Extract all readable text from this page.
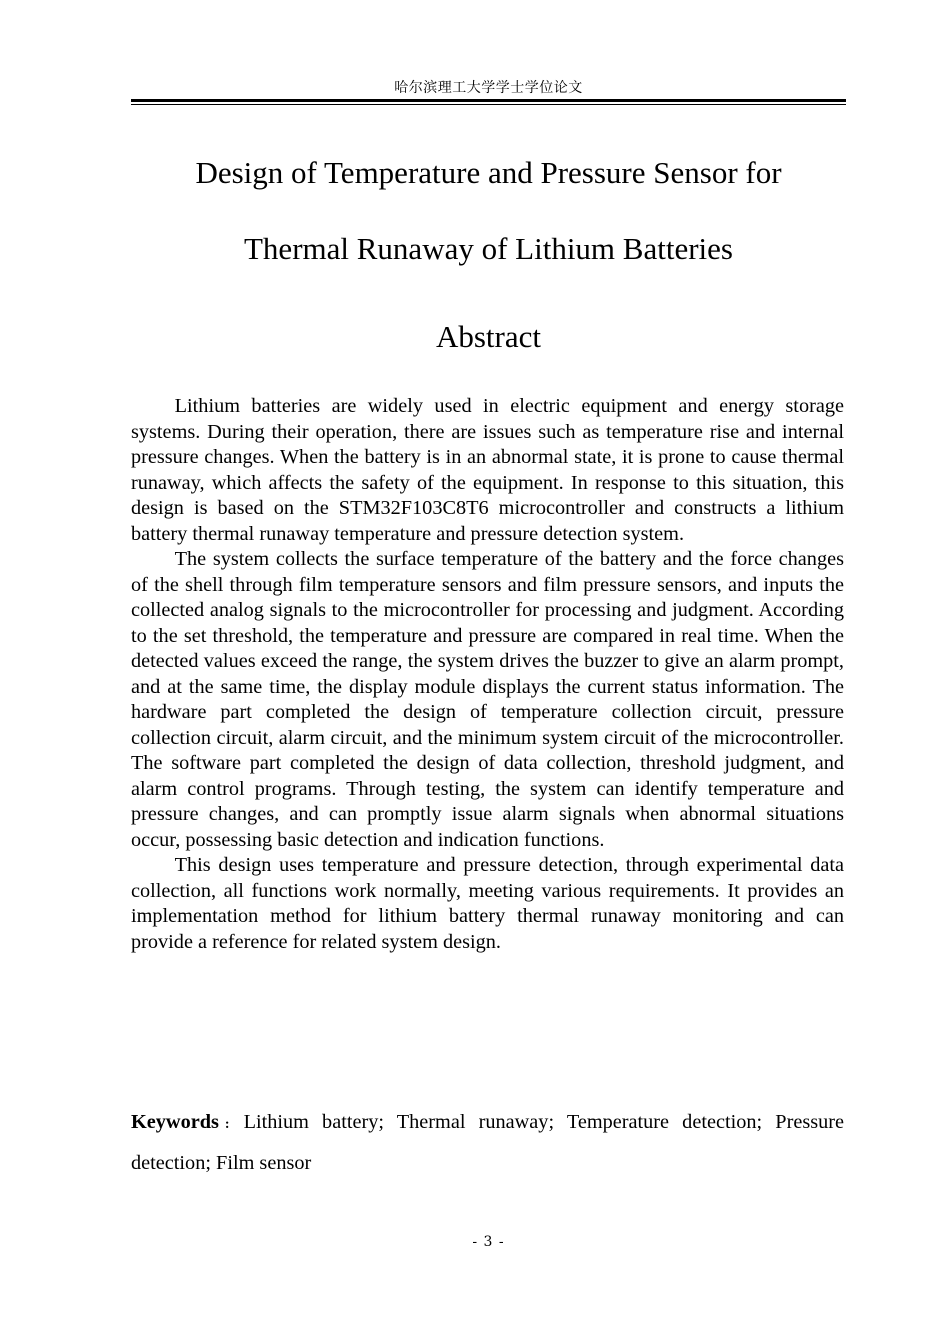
哈尔滨理工大学学士学位论文
Design of Temperature and Pressure Sensor for
Thermal Runaway of Lithium Batteries
Abstract

Lithium batteries are widely used in electric equipment and energy storage systems. During their operation, there are issues such as temperature rise and internal pressure changes. When the battery is in an abnormal state, it is prone to cause thermal runaway, which affects the safety of the equipment. In response to this situation, this design is based on the STM32F103C8T6 microcontroller and constructs a lithium battery thermal runaway temperature and pressure detection system.

The system collects the surface temperature of the battery and the force changes of the shell through film temperature sensors and film pressure sensors, and inputs the collected analog signals to the microcontroller for processing and judgment. According to the set threshold, the temperature and pressure are compared in real time. When the detected values exceed the range, the system drives the buzzer to give an alarm prompt, and at the same time, the display module displays the current status information. The hardware part completed the design of temperature collection circuit, pressure collection circuit, alarm circuit, and the minimum system circuit of the microcontroller. The software part completed the design of data collection, threshold judgment, and alarm control programs. Through testing, the system can identify temperature and pressure changes, and can promptly issue alarm signals when abnormal situations occur, possessing basic detection and indication functions.

This design uses temperature and pressure detection, through experimental data collection, all functions work normally, meeting various requirements. It provides an implementation method for lithium battery thermal runaway monitoring and can provide a reference for related system design.

Keywords : Lithium battery; Thermal runaway; Temperature detection; Pressure detection; Film sensor
- 3 -
